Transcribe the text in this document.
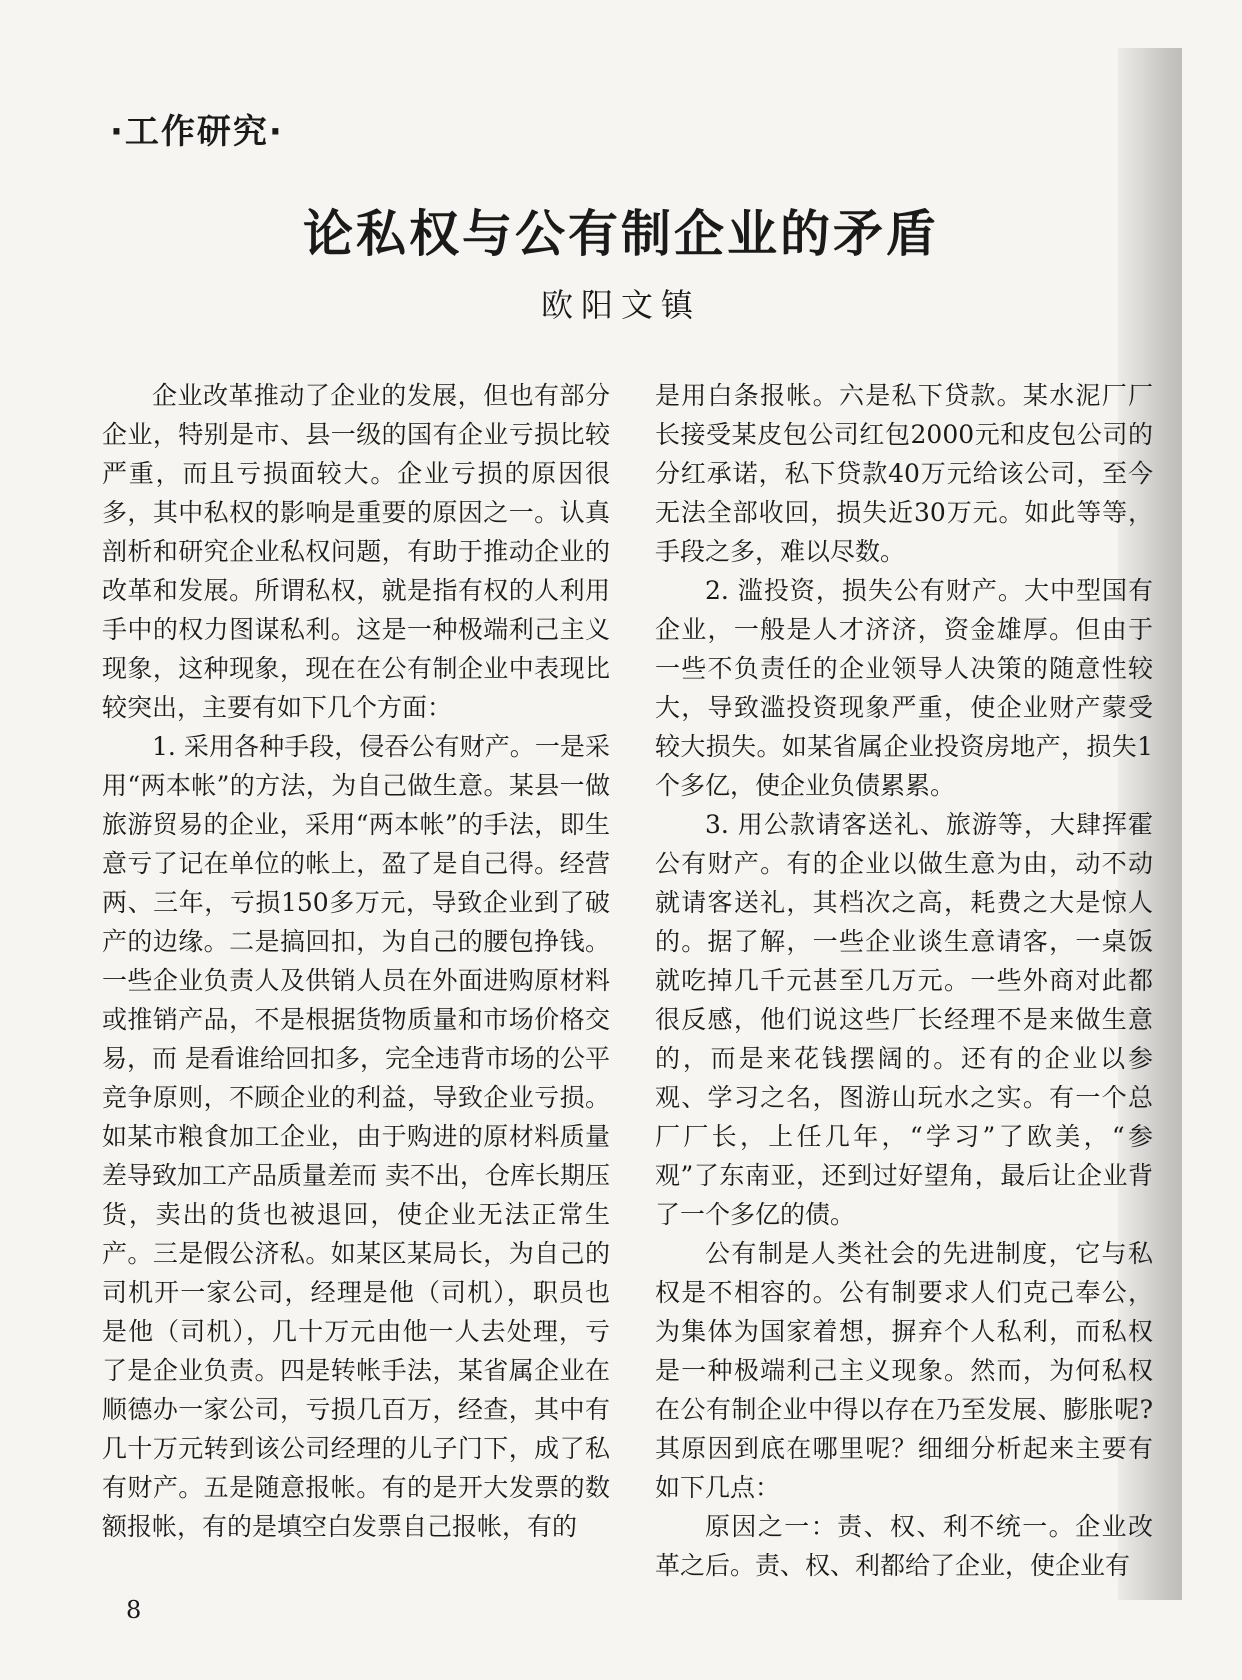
·工作研究·
论私权与公有制企业的矛盾
欧阳文镇

企业改革推动了企业的发展，但也有部分企业，特别是市、县一级的国有企业亏损比较严重，而且亏损面较大。企业亏损的原因很多，其中私权的影响是重要的原因之一。认真剖析和研究企业私权问题，有助于推动企业的改革和发展。所谓私权，就是指有权的人利用手中的权力图谋私利。这是一种极端利己主义现象，这种现象，现在在公有制企业中表现比较突出，主要有如下几个方面：

1. 采用各种手段，侵吞公有财产。一是采用“两本帐”的方法，为自己做生意。某县一做旅游贸易的企业，采用“两本帐”的手法，即生意亏了记在单位的帐上，盈了是自己得。经营两、三年，亏损150多万元，导致企业到了破产的边缘。二是搞回扣，为自己的腰包挣钱。一些企业负责人及供销人员在外面进购原材料或推销产品，不是根据货物质量和市场价格交易，而 是看谁给回扣多，完全违背市场的公平竞争原则，不顾企业的利益，导致企业亏损。如某市粮食加工企业，由于购进的原材料质量差导致加工产品质量差而 卖不出，仓库长期压货，卖出的货也被退回，使企业无法正常生产。三是假公济私。如某区某局长，为自己的司机开一家公司，经理是他（司机），职员也是他（司机），几十万元由他一人去处理，亏了是企业负责。四是转帐手法，某省属企业在顺德办一家公司，亏损几百万，经查，其中有几十万元转到该公司经理的儿子门下，成了私有财产。五是随意报帐。有的是开大发票的数额报帐，有的是填空白发票自己报帐，有的

是用白条报帐。六是私下贷款。某水泥厂厂长接受某皮包公司红包2000元和皮包公司的分红承诺，私下贷款40万元给该公司，至今无法全部收回，损失近30万元。如此等等，手段之多，难以尽数。

2. 滥投资，损失公有财产。大中型国有企业，一般是人才济济，资金雄厚。但由于一些不负责任的企业领导人决策的随意性较大，导致滥投资现象严重，使企业财产蒙受较大损失。如某省属企业投资房地产，损失1个多亿，使企业负债累累。

3. 用公款请客送礼、旅游等，大肆挥霍公有财产。有的企业以做生意为由，动不动就请客送礼，其档次之高，耗费之大是惊人的。据了解，一些企业谈生意请客，一桌饭就吃掉几千元甚至几万元。一些外商对此都很反感，他们说这些厂长经理不是来做生意的，而是来花钱摆阔的。还有的企业以参观、学习之名，图游山玩水之实。有一个总厂厂长，上任几年，“学习”了欧美，“参观”了东南亚，还到过好望角，最后让企业背了一个多亿的债。

公有制是人类社会的先进制度，它与私权是不相容的。公有制要求人们克己奉公，为集体为国家着想，摒弃个人私利，而私权是一种极端利己主义现象。然而，为何私权在公有制企业中得以存在乃至发展、膨胀呢?其原因到底在哪里呢？细细分析起来主要有如下几点：

原因之一：责、权、利不统一。企业改革之后。责、权、利都给了企业，使企业有

8
